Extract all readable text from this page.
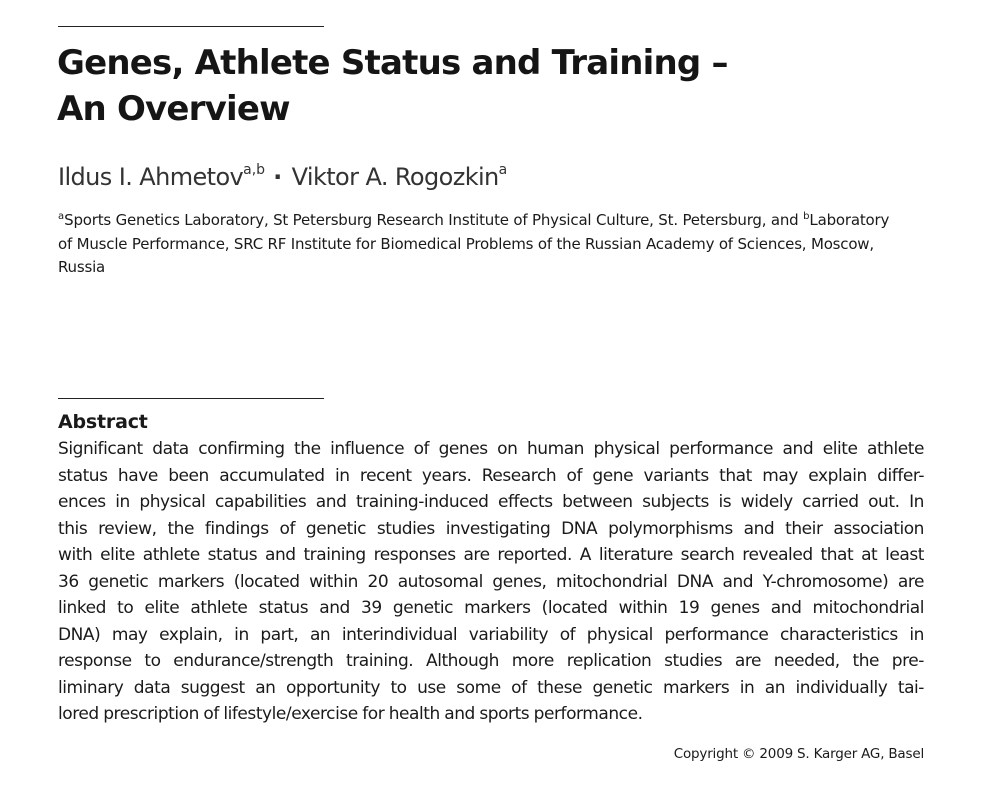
Genes, Athlete Status and Training –
An Overview

Ildus I. Ahmetov$^{a,b}$ · Viktor A. Rogozkin$^a$

$^a$Sports Genetics Laboratory, St Petersburg Research Institute of Physical Culture, St. Petersburg, and $^b$Laboratory
of Muscle Performance, SRC RF Institute for Biomedical Problems of the Russian Academy of Sciences, Moscow,
Russia
Abstract
Significant data confirming the influence of genes on human physical performance and elite athlete
status have been accumulated in recent years. Research of gene variants that may explain differ-
ences in physical capabilities and training-induced effects between subjects is widely carried out. In
this review, the findings of genetic studies investigating DNA polymorphisms and their association
with elite athlete status and training responses are reported. A literature search revealed that at least
36 genetic markers (located within 20 autosomal genes, mitochondrial DNA and Y-chromosome) are
linked to elite athlete status and 39 genetic markers (located within 19 genes and mitochondrial
DNA) may explain, in part, an interindividual variability of physical performance characteristics in
response to endurance/strength training. Although more replication studies are needed, the pre-
liminary data suggest an opportunity to use some of these genetic markers in an individually tai-
lored prescription of lifestyle/exercise for health and sports performance.

Copyright © 2009 S. Karger AG, Basel
